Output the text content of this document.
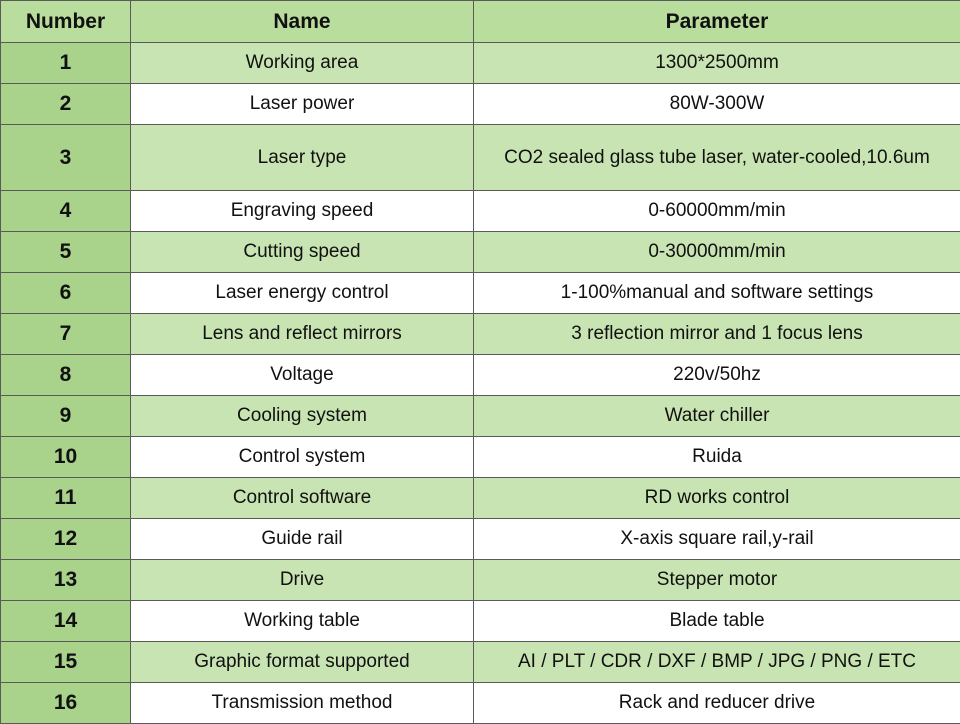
Number	Name	Parameter
1	Working area	1300*2500mm
2	Laser power	80W-300W
3	Laser type	CO2 sealed glass tube laser, water-cooled,10.6um
4	Engraving speed	0-60000mm/min
5	Cutting speed	0-30000mm/min
6	Laser energy control	1-100%manual and software settings
7	Lens and reflect mirrors	3 reflection mirror and 1 focus lens
8	Voltage	220v/50hz
9	Cooling system	Water chiller
10	Control system	Ruida
11	Control software	RD works control
12	Guide rail	X-axis square rail,y-rail
13	Drive	Stepper motor
14	Working table	Blade table
15	Graphic format supported	AI / PLT / CDR / DXF / BMP / JPG / PNG / ETC
16	Transmission method	Rack and reducer drive
